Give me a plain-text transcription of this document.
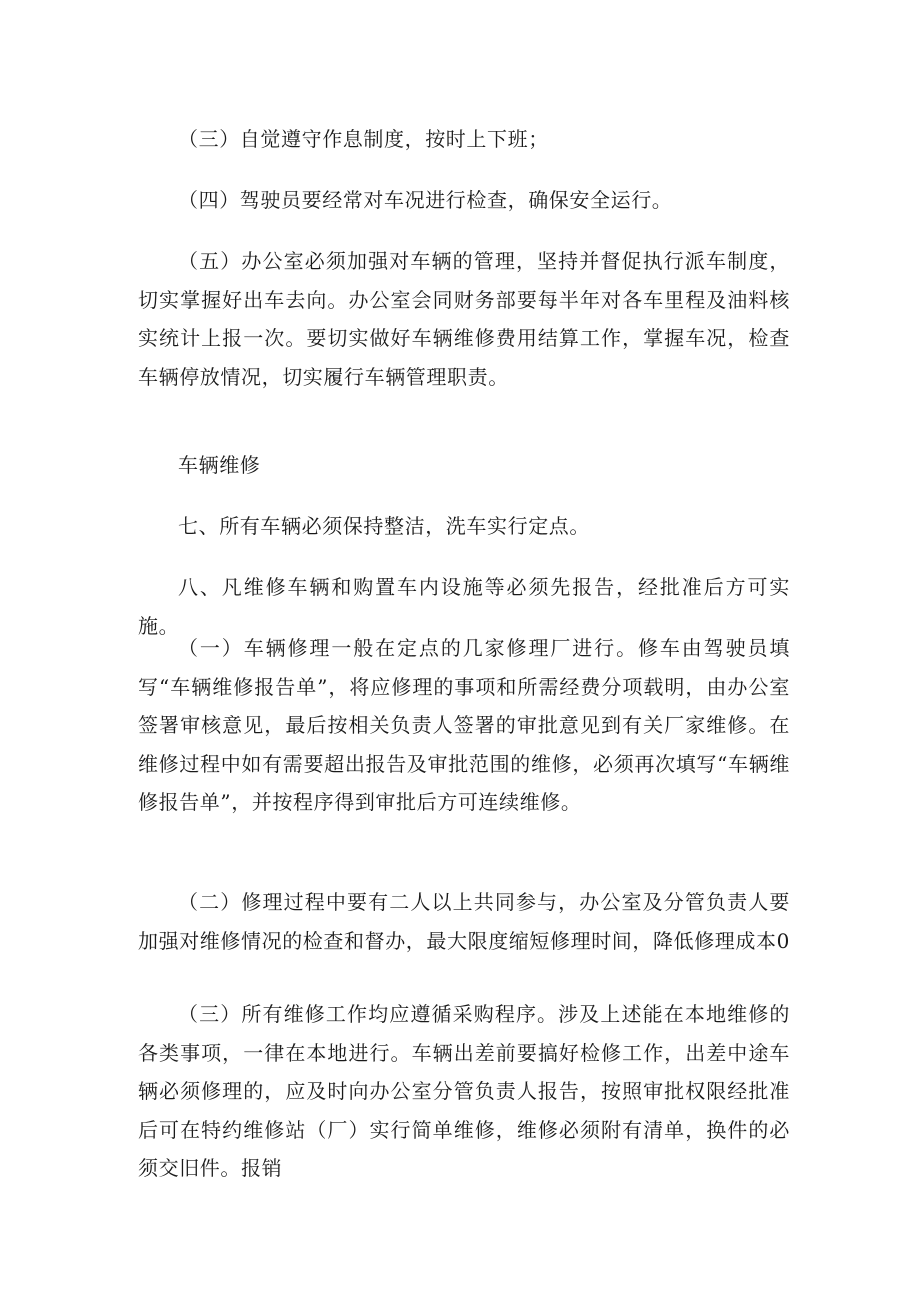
（三）自觉遵守作息制度，按时上下班；

（四）驾驶员要经常对车况进行检查，确保安全运行。

（五）办公室必须加强对车辆的管理，坚持并督促执行派车制度，切实掌握好出车去向。办公室会同财务部要每半年对各车里程及油料核实统计上报一次。要切实做好车辆维修费用结算工作，掌握车况，检查车辆停放情况，切实履行车辆管理职责。

车辆维修

七、所有车辆必须保持整洁，洗车实行定点。

八、凡维修车辆和购置车内设施等必须先报告，经批准后方可实施。

（一）车辆修理一般在定点的几家修理厂进行。修车由驾驶员填写“车辆维修报告单”，将应修理的事项和所需经费分项载明，由办公室签署审核意见，最后按相关负责人签署的审批意见到有关厂家维修。在维修过程中如有需要超出报告及审批范围的维修，必须再次填写“车辆维修报告单”，并按程序得到审批后方可连续维修。

（二）修理过程中要有二人以上共同参与，办公室及分管负责人要加强对维修情况的检查和督办，最大限度缩短修理时间，降低修理成本0

（三）所有维修工作均应遵循采购程序。涉及上述能在本地维修的各类事项，一律在本地进行。车辆出差前要搞好检修工作，出差中途车辆必须修理的，应及时向办公室分管负责人报告，按照审批权限经批准后可在特约维修站（厂）实行简单维修，维修必须附有清单，换件的必须交旧件。报销
